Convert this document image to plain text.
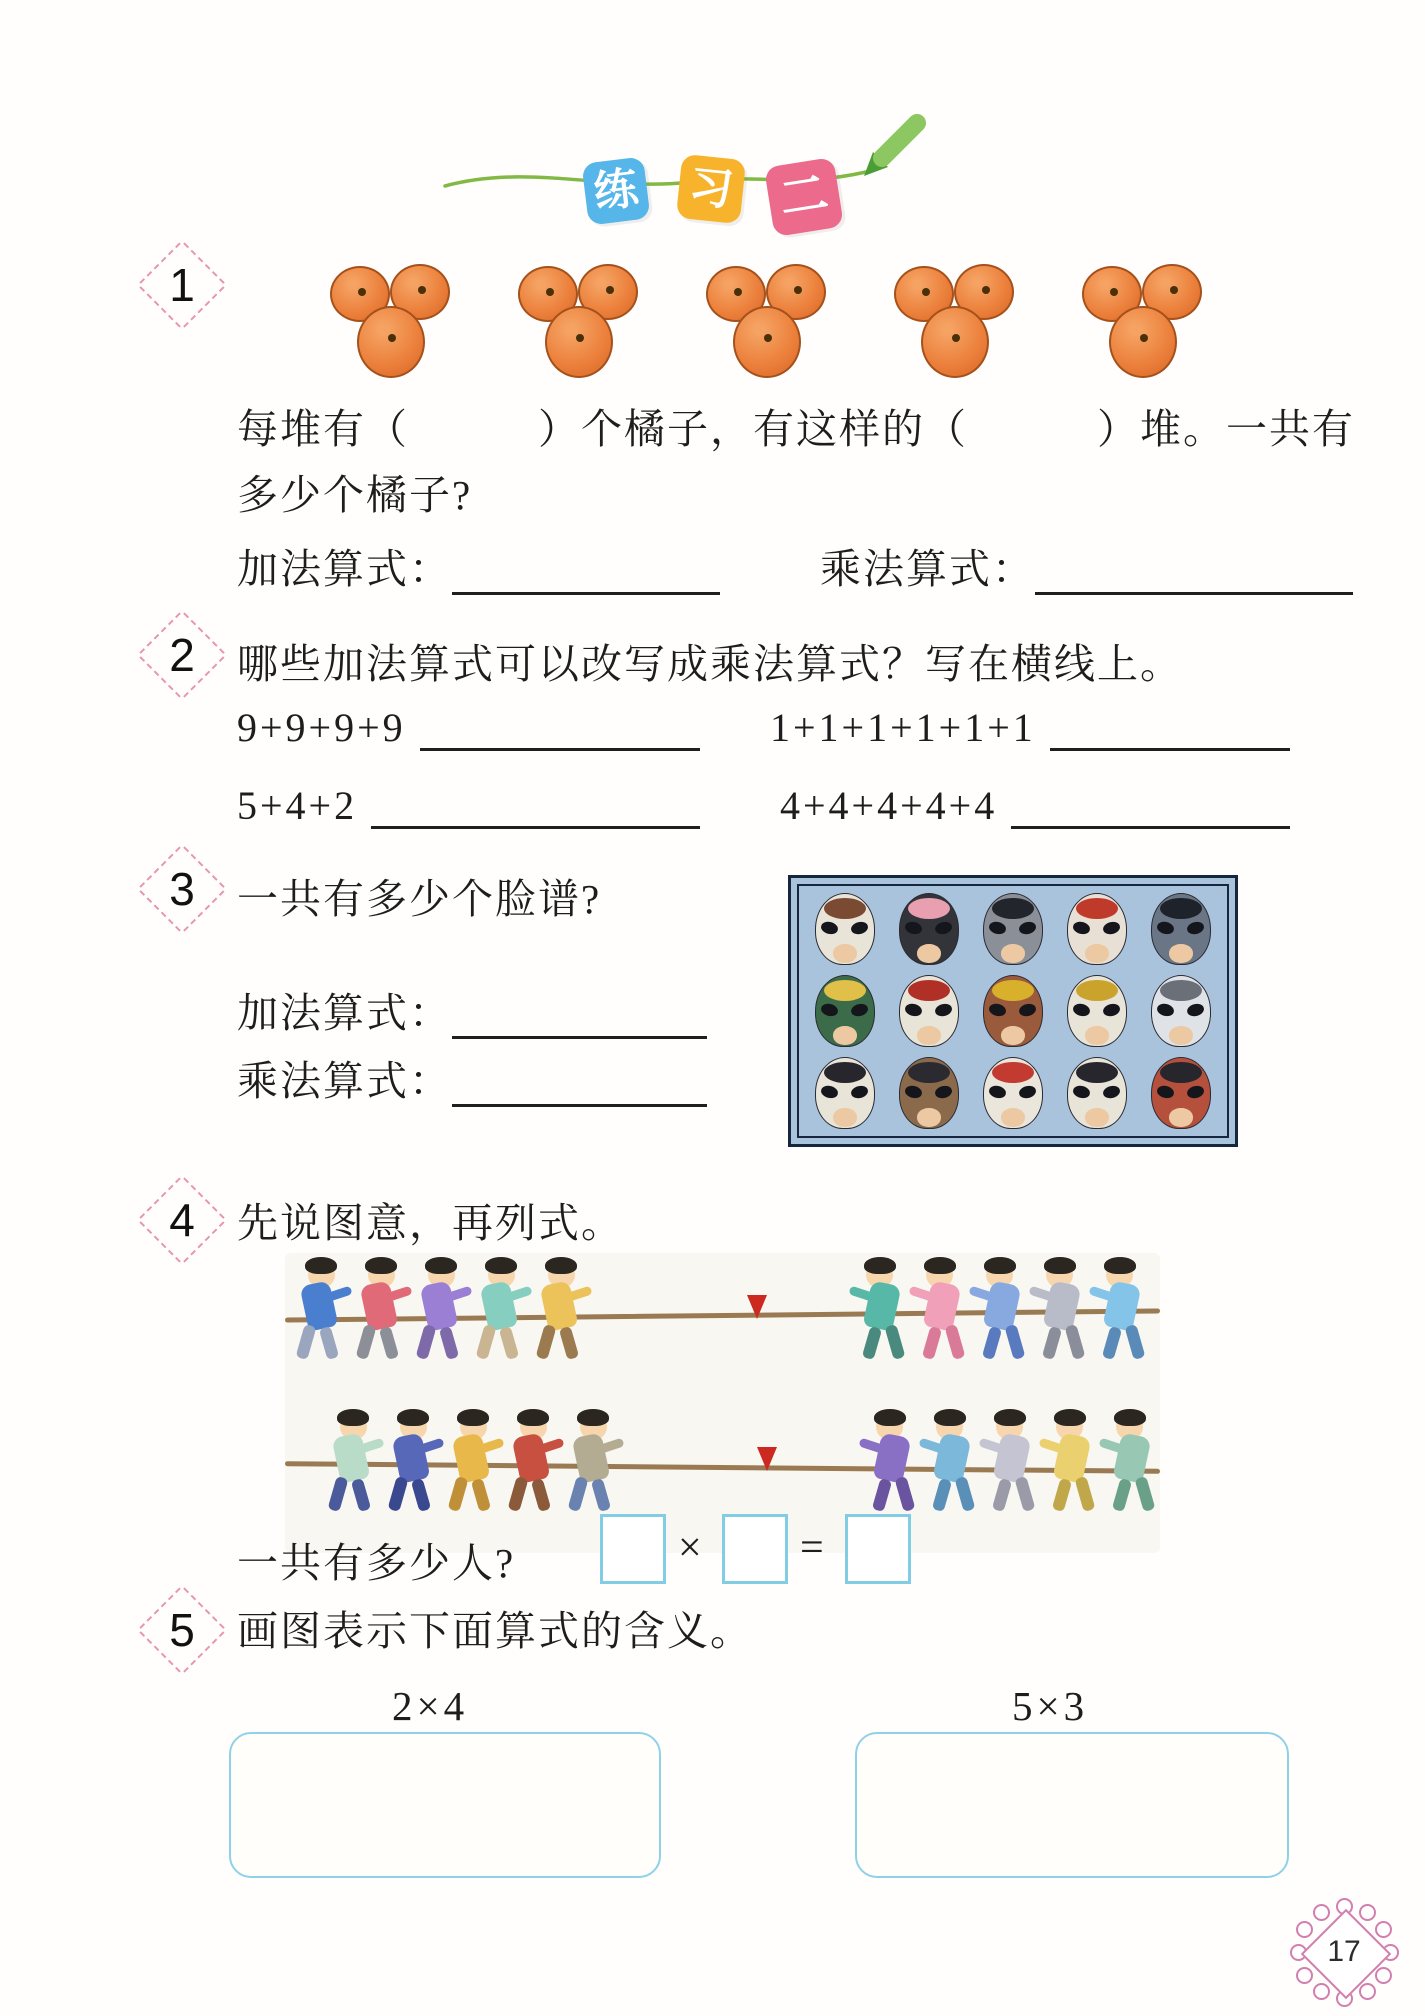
练 习 二
1
每堆有（　　　）个橘子，有这样的（　　　）堆。一共有
多少个橘子?
加法算式：	乘法算式：
2 哪些加法算式可以改写成乘法算式？写在横线上。
9+9+9+9	1+1+1+1+1+1
5+4+2	4+4+4+4+4
3 一共有多少个脸谱?
加法算式：
乘法算式：
4 先说图意，再列式。
一共有多少人?	× =
5 画图表示下面算式的含义。
2×4	5×3
17
